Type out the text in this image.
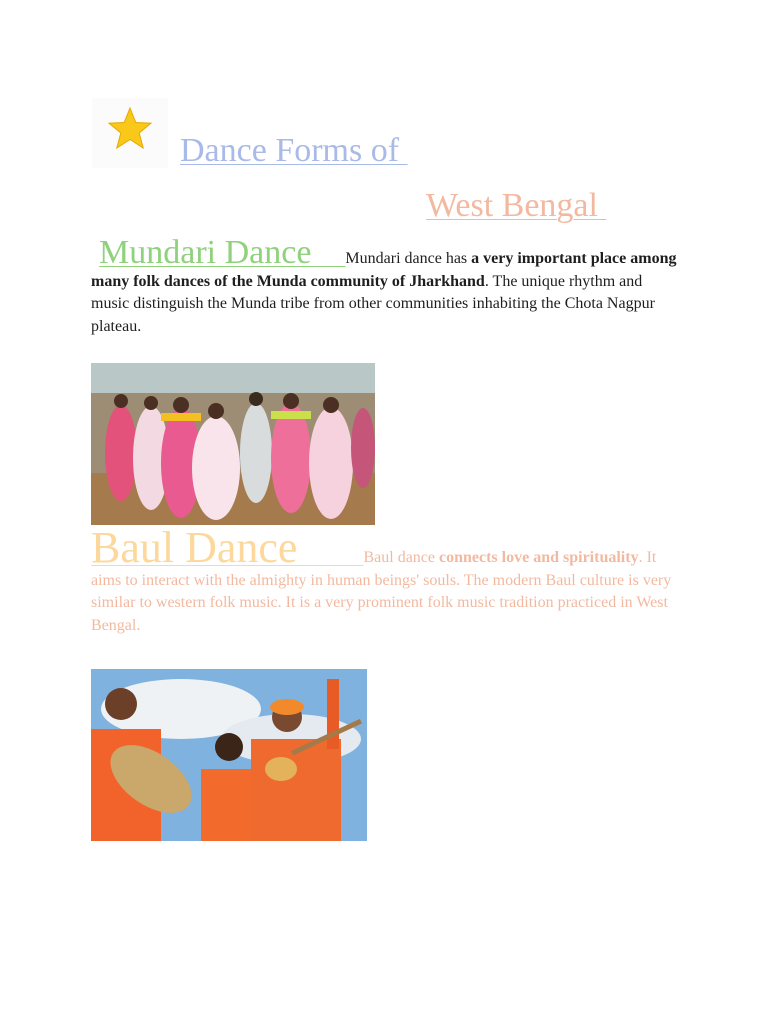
Dance Forms of
West Bengal
Mundari Dance Mundari dance has a very important place among many folk dances of the Munda community of Jharkhand. The unique rhythm and music distinguish the Munda tribe from other communities inhabiting the Chota Nagpur plateau.
Baul Dance	Baul dance connects love and spirituality. It aims to interact with the almighty in human beings' souls. The modern Baul culture is very similar to western folk music. It is a very prominent folk music tradition practiced in West Bengal.
